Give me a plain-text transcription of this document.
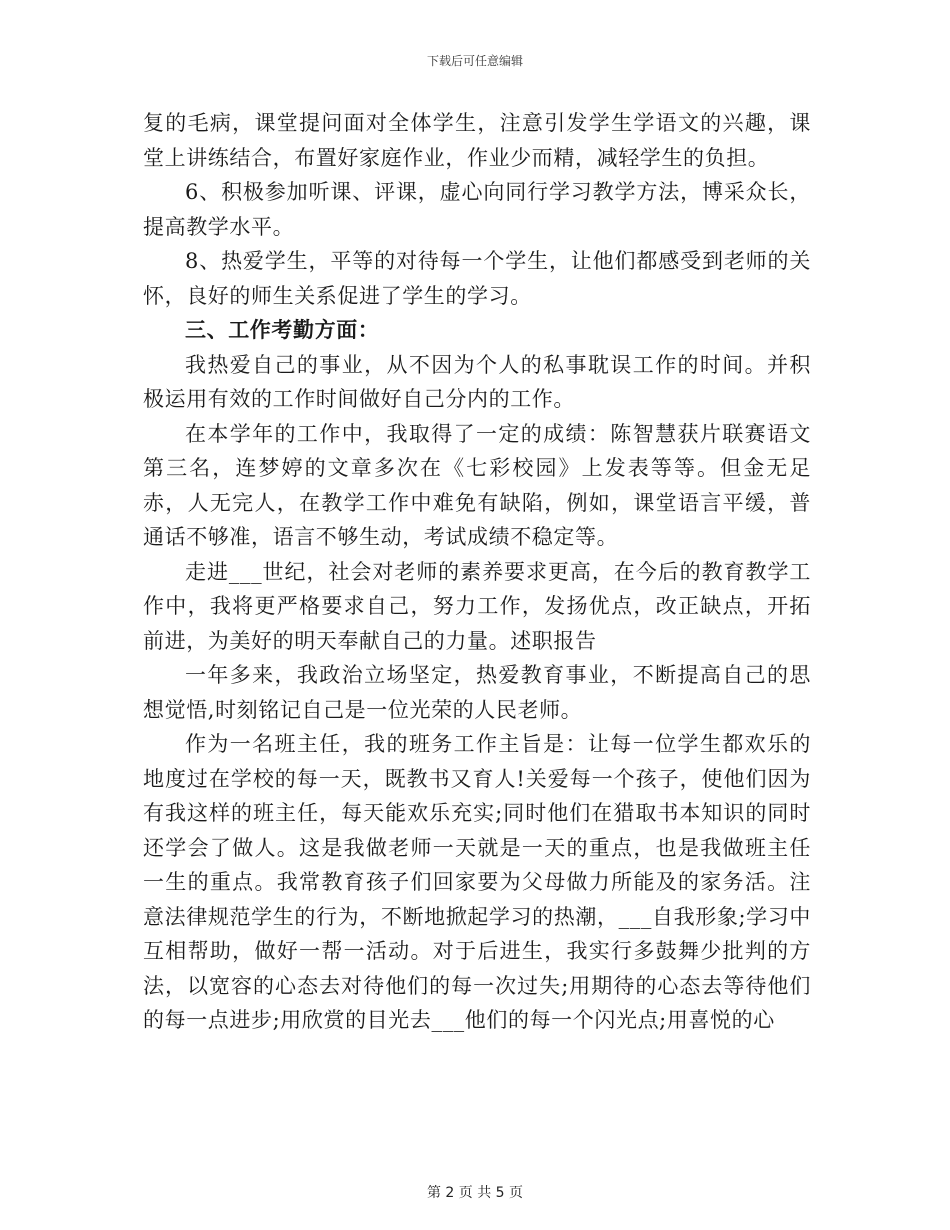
下载后可任意编辑

复的毛病，课堂提问面对全体学生，注意引发学生学语文的兴趣，课堂上讲练结合，布置好家庭作业，作业少而精，减轻学生的负担。

6、积极参加听课、评课，虚心向同行学习教学方法，博采众长，提高教学水平。

8、热爱学生，平等的对待每一个学生，让他们都感受到老师的关怀，良好的师生关系促进了学生的学习。

三、工作考勤方面：

我热爱自己的事业，从不因为个人的私事耽误工作的时间。并积极运用有效的工作时间做好自己分内的工作。

在本学年的工作中，我取得了一定的成绩：陈智慧获片联赛语文第三名，连梦婷的文章多次在《七彩校园》上发表等等。但金无足赤，人无完人，在教学工作中难免有缺陷，例如，课堂语言平缓，普通话不够准，语言不够生动，考试成绩不稳定等。

走进___世纪，社会对老师的素养要求更高，在今后的教育教学工作中，我将更严格要求自己，努力工作，发扬优点，改正缺点，开拓前进，为美好的明天奉献自己的力量。述职报告

一年多来，我政治立场坚定，热爱教育事业，不断提高自己的思想觉悟,时刻铭记自己是一位光荣的人民老师。

作为一名班主任，我的班务工作主旨是：让每一位学生都欢乐的地度过在学校的每一天，既教书又育人!关爱每一个孩子，使他们因为有我这样的班主任，每天能欢乐充实;同时他们在猎取书本知识的同时还学会了做人。这是我做老师一天就是一天的重点，也是我做班主任一生的重点。我常教育孩子们回家要为父母做力所能及的家务活。注意法律规范学生的行为，不断地掀起学习的热潮，___自我形象;学习中互相帮助，做好一帮一活动。对于后进生，我实行多鼓舞少批判的方法，以宽容的心态去对待他们的每一次过失;用期待的心态去等待他们的每一点进步;用欣赏的目光去___他们的每一个闪光点;用喜悦的心

第 2 页 共 5 页
